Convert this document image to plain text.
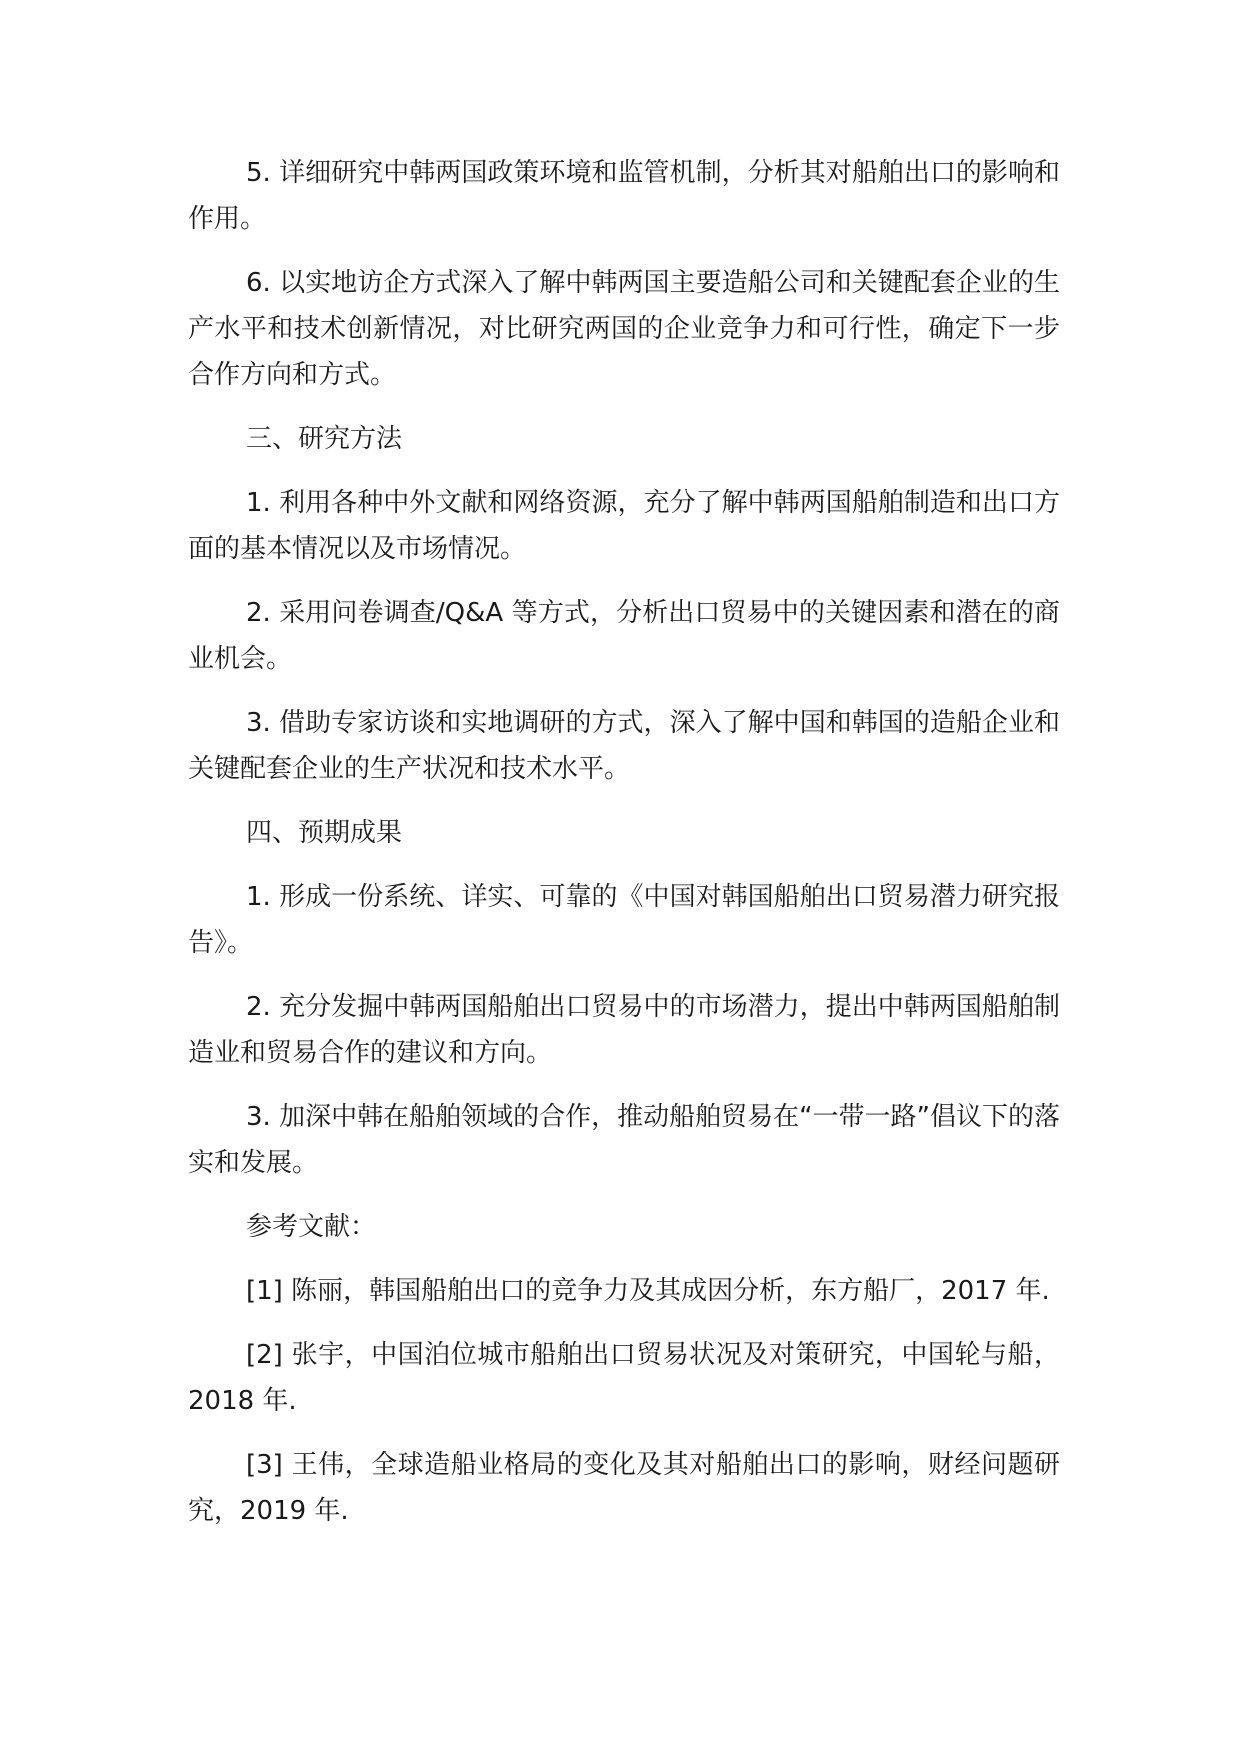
5. 详细研究中韩两国政策环境和监管机制，分析其对船舶出口的影响和作用。

6. 以实地访企方式深入了解中韩两国主要造船公司和关键配套企业的生产水平和技术创新情况，对比研究两国的企业竞争力和可行性，确定下一步合作方向和方式。

三、研究方法

1. 利用各种中外文献和网络资源，充分了解中韩两国船舶制造和出口方面的基本情况以及市场情况。

2. 采用问卷调查/Q&A 等方式，分析出口贸易中的关键因素和潜在的商业机会。

3. 借助专家访谈和实地调研的方式，深入了解中国和韩国的造船企业和关键配套企业的生产状况和技术水平。

四、预期成果

1. 形成一份系统、详实、可靠的《中国对韩国船舶出口贸易潜力研究报告》。

2. 充分发掘中韩两国船舶出口贸易中的市场潜力，提出中韩两国船舶制造业和贸易合作的建议和方向。

3. 加深中韩在船舶领域的合作，推动船舶贸易在“一带一路”倡议下的落实和发展。

参考文献：

[1] 陈丽，韩国船舶出口的竞争力及其成因分析，东方船厂，2017 年.

[2] 张宇，中国泊位城市船舶出口贸易状况及对策研究，中国轮与船，2018 年.

[3] 王伟，全球造船业格局的变化及其对船舶出口的影响，财经问题研究，2019 年.
